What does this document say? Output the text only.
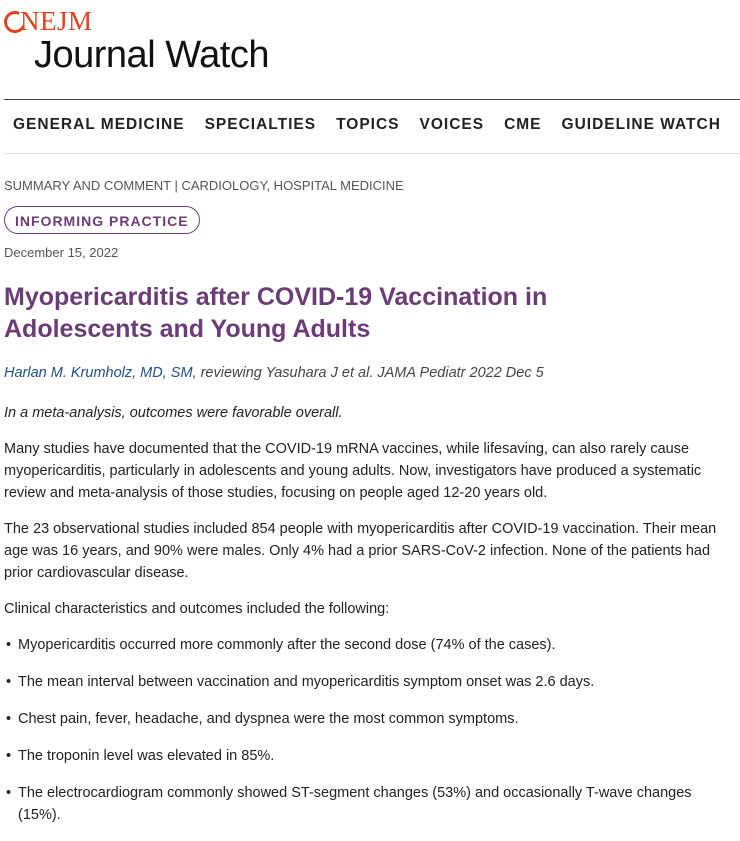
NEJM
Journal Watch
GENERAL MEDICINE SPECIALTIES TOPICS VOICES CME GUIDELINE WATCH
SUMMARY AND COMMENT | CARDIOLOGY, HOSPITAL MEDICINE
INFORMING PRACTICE
December 15, 2022
Myopericarditis after COVID-19 Vaccination in Adolescents and Young Adults
Harlan M. Krumholz, MD, SM, reviewing Yasuhara J et al. JAMA Pediatr 2022 Dec 5

In a meta-analysis, outcomes were favorable overall.

Many studies have documented that the COVID-19 mRNA vaccines, while lifesaving, can also rarely cause myopericarditis, particularly in adolescents and young adults. Now, investigators have produced a systematic review and meta-analysis of those studies, focusing on people aged 12-20 years old.

The 23 observational studies included 854 people with myopericarditis after COVID-19 vaccination. Their mean age was 16 years, and 90% were males. Only 4% had a prior SARS-CoV-2 infection. None of the patients had prior cardiovascular disease.

Clinical characteristics and outcomes included the following:

• Myopericarditis occurred more commonly after the second dose (74% of the cases).
• The mean interval between vaccination and myopericarditis symptom onset was 2.6 days.
• Chest pain, fever, headache, and dyspnea were the most common symptoms.
• The troponin level was elevated in 85%.
• The electrocardiogram commonly showed ST-segment changes (53%) and occasionally T-wave changes (15%).
